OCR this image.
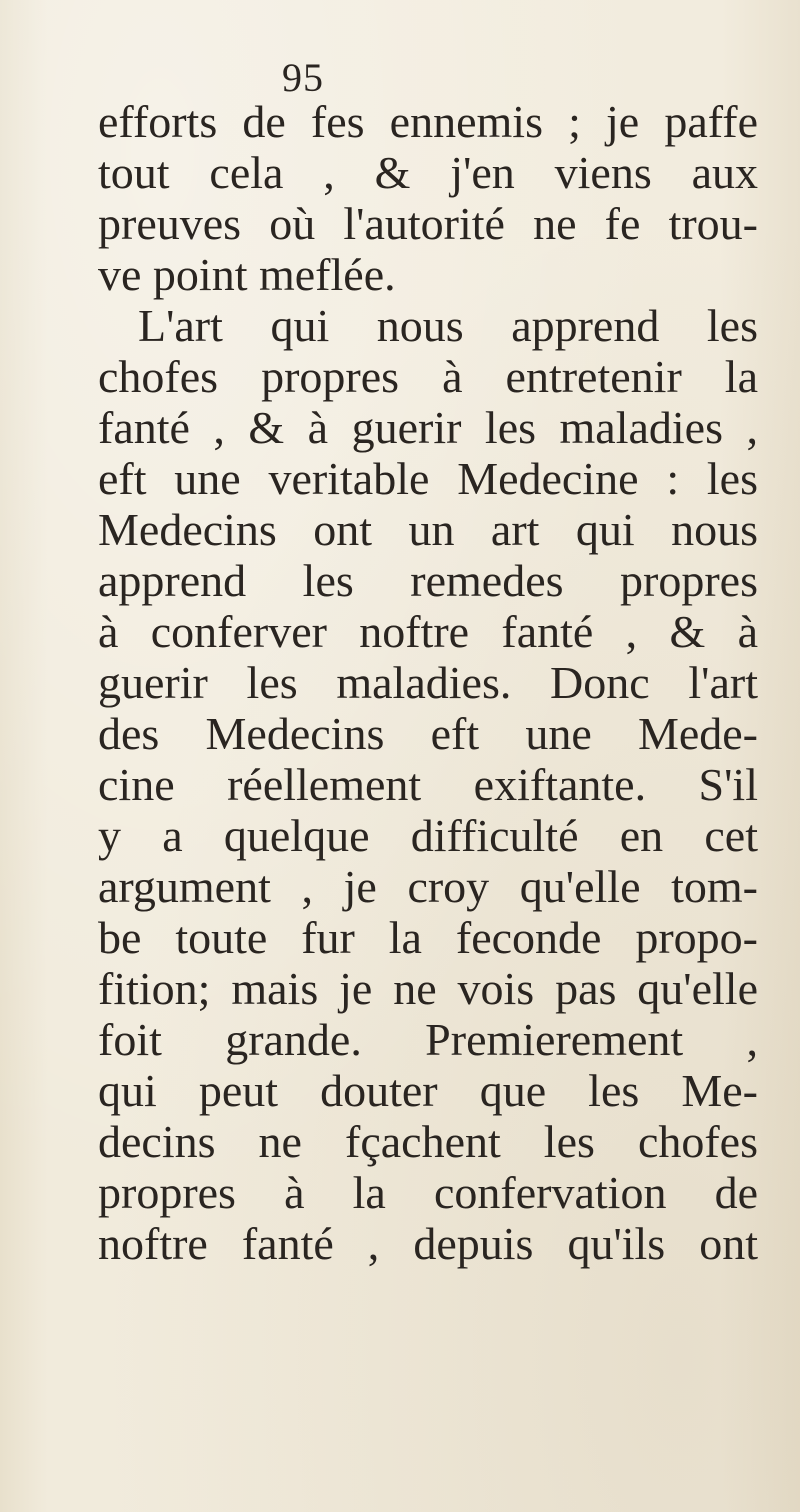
95
efforts de fes ennemis ; je paffe
tout cela , & j'en viens aux
preuves où l'autorité ne fe trou-
ve point meflée.
L'art qui nous apprend les
chofes propres à entretenir la
fanté , & à guerir les maladies ,
eft une veritable Medecine : les
Medecins ont un art qui nous
apprend les remedes propres
à conferver noftre fanté , & à
guerir les maladies. Donc l'art
des Medecins eft une Mede-
cine réellement exiftante. S'il
y a quelque difficulté en cet
argument , je croy qu'elle tom-
be toute fur la feconde propo-
fition; mais je ne vois pas qu'elle
foit grande. Premierement ,
qui peut douter que les Me-
decins ne fçachent les chofes
propres à la confervation de
noftre fanté , depuis qu'ils ont
